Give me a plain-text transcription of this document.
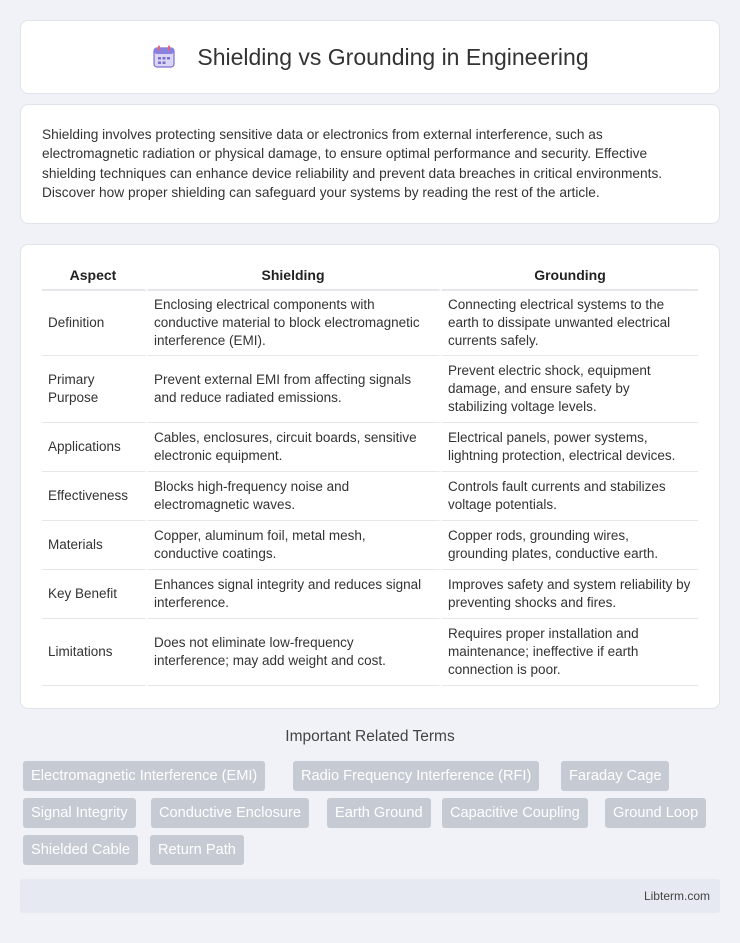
Shielding vs Grounding in Engineering

Shielding involves protecting sensitive data or electronics from external interference, such as electromagnetic radiation or physical damage, to ensure optimal performance and security. Effective shielding techniques can enhance device reliability and prevent data breaches in critical environments. Discover how proper shielding can safeguard your systems by reading the rest of the article.

Aspect	Shielding	Grounding
Definition	Enclosing electrical components with conductive material to block electromagnetic interference (EMI).	Connecting electrical systems to the earth to dissipate unwanted electrical currents safely.
Primary Purpose	Prevent external EMI from affecting signals and reduce radiated emissions.	Prevent electric shock, equipment damage, and ensure safety by stabilizing voltage levels.
Applications	Cables, enclosures, circuit boards, sensitive electronic equipment.	Electrical panels, power systems, lightning protection, electrical devices.
Effectiveness	Blocks high-frequency noise and electromagnetic waves.	Controls fault currents and stabilizes voltage potentials.
Materials	Copper, aluminum foil, metal mesh, conductive coatings.	Copper rods, grounding wires, grounding plates, conductive earth.
Key Benefit	Enhances signal integrity and reduces signal interference.	Improves safety and system reliability by preventing shocks and fires.
Limitations	Does not eliminate low-frequency interference; may add weight and cost.	Requires proper installation and maintenance; ineffective if earth connection is poor.
Important Related Terms
Electromagnetic Interference (EMI)	Radio Frequency Interference (RFI)	Faraday Cage
Signal Integrity	Conductive Enclosure	Earth Ground	Capacitive Coupling	Ground Loop
Shielded Cable	Return Path
Libterm.com
